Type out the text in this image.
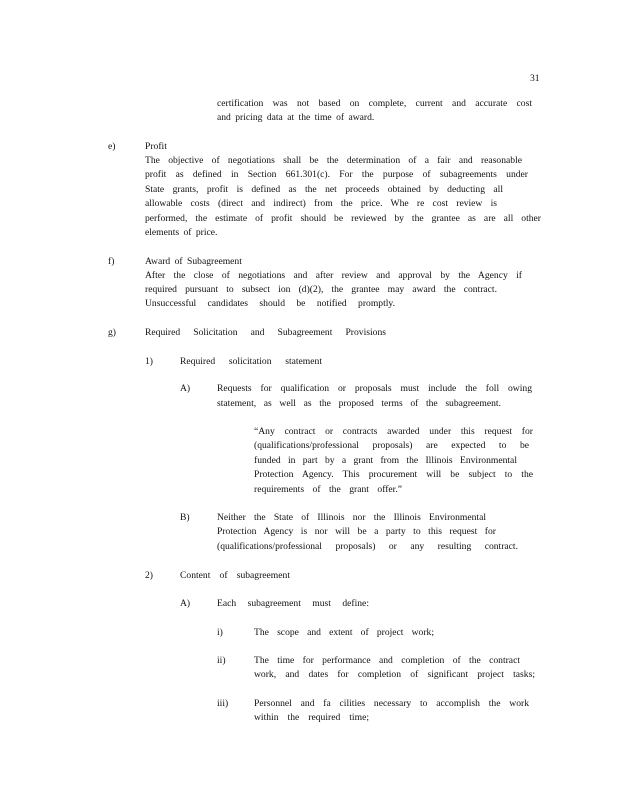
31
certification was not based on complete, current and accurate cost
and pricing data at the time of award.
e)	Profit
The objective of negotiations shall be the determination of a fair and reasonable
profit as defined in Section 661.301(c). For the purpose of subagreements under
State grants, profit is defined as the net proceeds obtained by deducting all
allowable costs (direct and indirect) from the price. Whe re cost review is
performed, the estimate of profit should be reviewed by the grantee as are all other
elements of price.
f)	Award of Subagreement
After the close of negotiations and after review and approval by the Agency if
required pursuant to subsect ion (d)(2), the grantee may award the contract.
Unsuccessful candidates should be notified promptly.
g)	Required Solicitation and Subagreement Provisions
1)	Required solicitation statement
A)	Requests for qualification or proposals must include the foll owing
statement, as well as the proposed terms of the subagreement.
“Any contract or contracts awarded under this request for
(qualifications/professional proposals) are expected to be
funded in part by a grant from the Illinois Environmental
Protection Agency. This procurement will be subject to the
requirements of the grant offer.”
B)	Neither the State of Illinois nor the Illinois Environmental
Protection Agency is nor will be a party to this request for
(qualifications/professional proposals) or any resulting contract.
2)	Content of subagreement
A)	Each subagreement must define:
i)	The scope and extent of project work;
ii)	The time for performance and completion of the contract
work, and dates for completion of significant project tasks;
iii)	Personnel and fa cilities necessary to accomplish the work
within the required time;
